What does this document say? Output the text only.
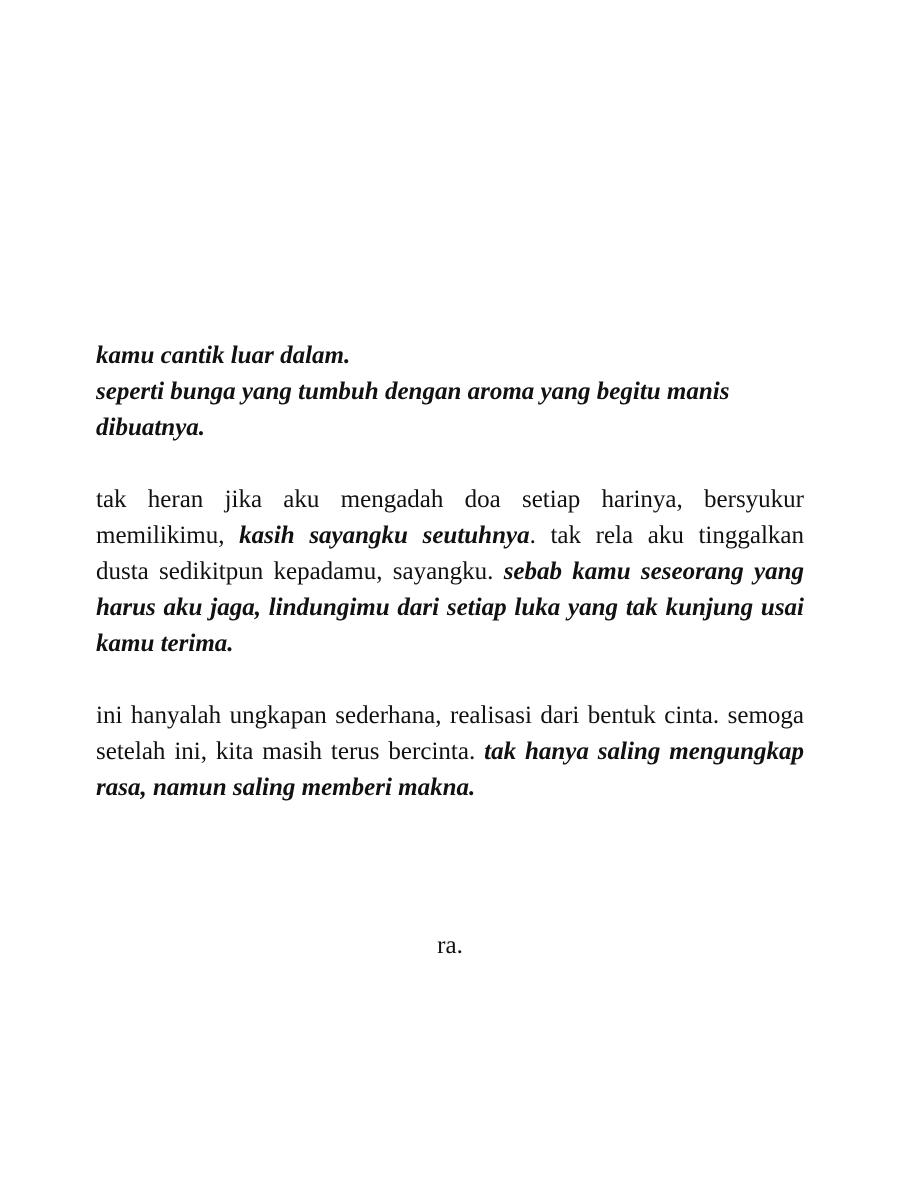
kamu cantik luar dalam.
seperti bunga yang tumbuh dengan aroma yang begitu manis dibuatnya.

tak heran jika aku mengadah doa setiap harinya, bersyukur memilikimu, kasih sayangku seutuhnya. tak rela aku tinggalkan dusta sedikitpun kepadamu, sayangku. sebab kamu seseorang yang harus aku jaga, lindungimu dari setiap luka yang tak kunjung usai kamu terima.

ini hanyalah ungkapan sederhana, realisasi dari bentuk cinta. semoga setelah ini, kita masih terus bercinta. tak hanya saling mengungkap rasa, namun saling memberi makna.

ra.
